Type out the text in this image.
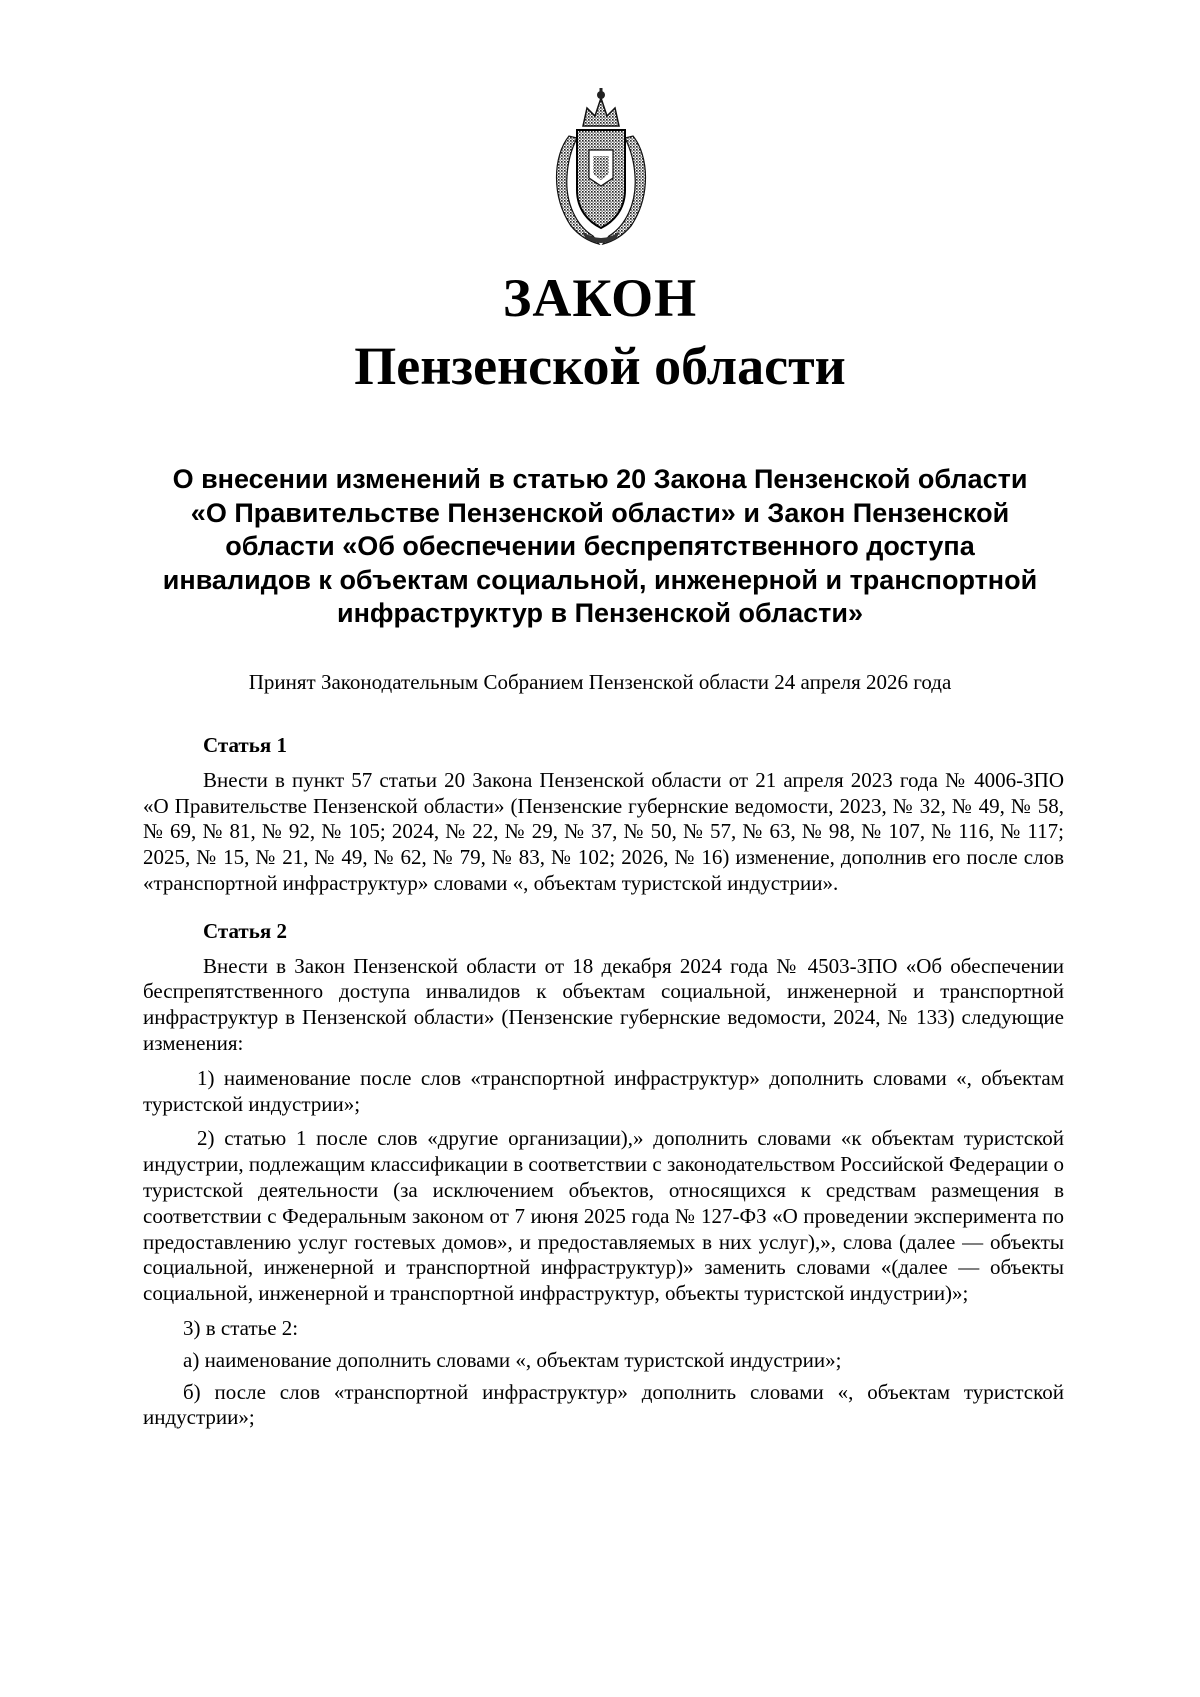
ЗАКОН
Пензенской области
О внесении изменений в статью 20 Закона Пензенской области
«О Правительстве Пензенской области» и Закон Пензенской
области «Об обеспечении беспрепятственного доступа
инвалидов к объектам социальной, инженерной и транспортной
инфраструктур в Пензенской области»
Принят Законодательным Собранием Пензенской области 24 апреля 2026 года

Статья 1

Внести в пункт 57 статьи 20 Закона Пензенской области от 21 апреля 2023 года № 4006-ЗПО «О Правительстве Пензенской области» (Пензенские губернские ведомости, 2023, № 32, № 49, № 58, № 69, № 81, № 92, № 105; 2024, № 22, № 29, № 37, № 50, № 57, № 63, № 98, № 107, № 116, № 117; 2025, № 15, № 21, № 49, № 62, № 79, № 83, № 102; 2026, № 16) изменение, дополнив его после слов «транспортной инфраструктур» словами «, объектам туристской индустрии».

Статья 2

Внести в Закон Пензенской области от 18 декабря 2024 года № 4503-ЗПО «Об обеспечении беспрепятственного доступа инвалидов к объектам социальной, инженерной и транспортной инфраструктур в Пензенской области» (Пензенские губернские ведомости, 2024, № 133) следующие изменения:

1) наименование после слов «транспортной инфраструктур» дополнить словами «, объектам туристской индустрии»;

2) статью 1 после слов «другие организации),» дополнить словами «к объектам туристской индустрии, подлежащим классификации в соответствии с законодательством Российской Федерации о туристской деятельности (за исключением объектов, относящихся к средствам размещения в соответствии с Федеральным законом от 7 июня 2025 года № 127-ФЗ «О проведении эксперимента по предоставлению услуг гостевых домов», и предоставляемых в них услуг),», слова (далее — объекты социальной, инженерной и транспортной инфраструктур)» заменить словами «(далее — объекты социальной, инженерной и транспортной инфраструктур, объекты туристской индустрии)»;

3) в статье 2:

а) наименование дополнить словами «, объектам туристской индустрии»;

б) после слов «транспортной инфраструктур» дополнить словами «, объектам туристской индустрии»;
